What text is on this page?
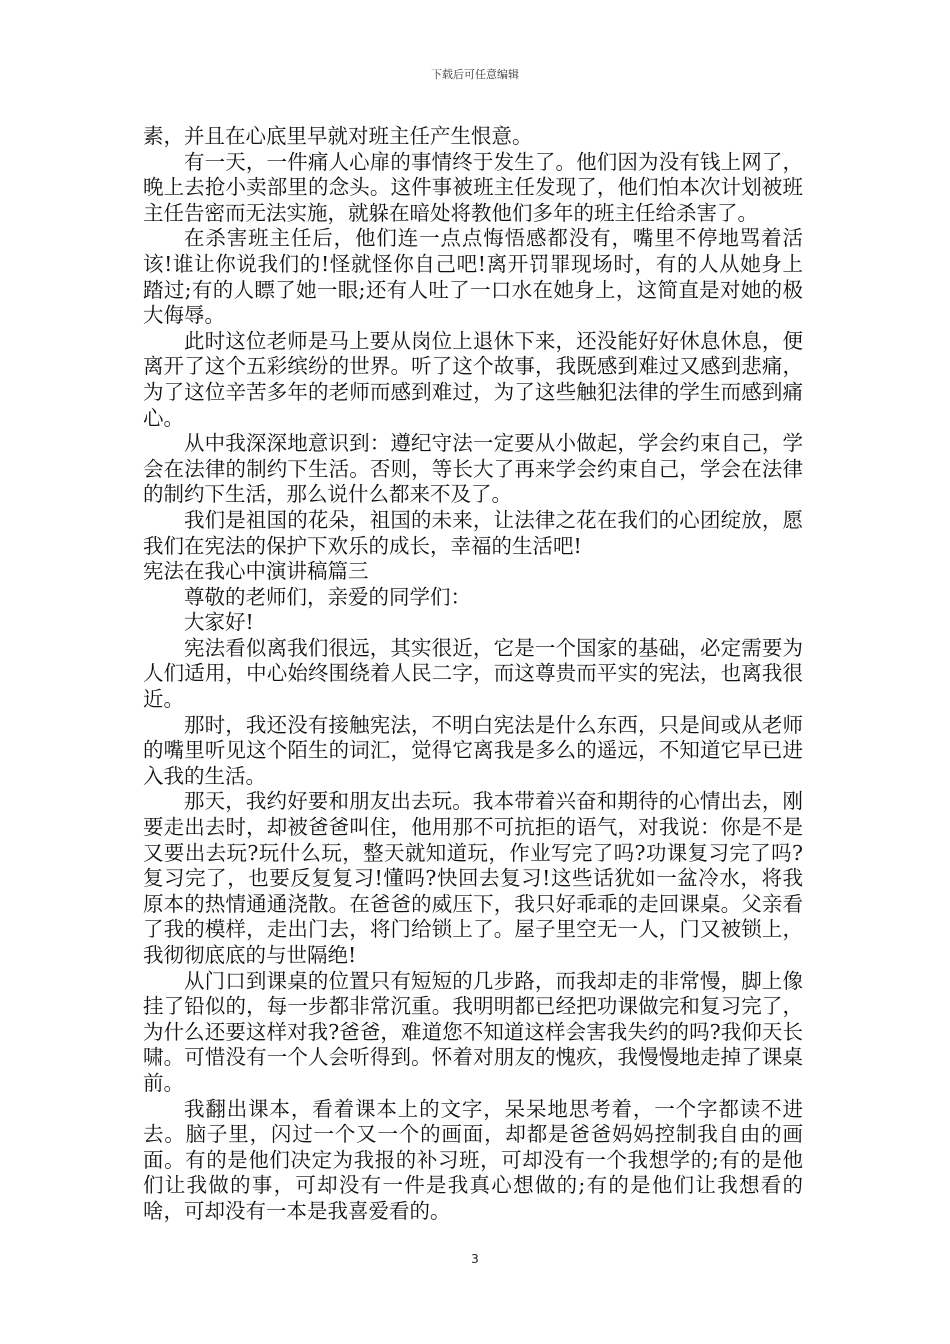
下载后可任意编辑

素，并且在心底里早就对班主任产生恨意。

有一天，一件痛人心扉的事情终于发生了。他们因为没有钱上网了，晚上去抢小卖部里的念头。这件事被班主任发现了，他们怕本次计划被班主任告密而无法实施，就躲在暗处将教他们多年的班主任给杀害了。

在杀害班主任后，他们连一点点悔悟感都没有，嘴里不停地骂着活该!谁让你说我们的!怪就怪你自己吧!离开罚罪现场时，有的人从她身上踏过;有的人瞟了她一眼;还有人吐了一口水在她身上，这简直是对她的极大侮辱。

此时这位老师是马上要从岗位上退休下来，还没能好好休息休息，便离开了这个五彩缤纷的世界。听了这个故事，我既感到难过又感到悲痛，为了这位辛苦多年的老师而感到难过，为了这些触犯法律的学生而感到痛心。

从中我深深地意识到：遵纪守法一定要从小做起，学会约束自己，学会在法律的制约下生活。否则，等长大了再来学会约束自己，学会在法律的制约下生活，那么说什么都来不及了。

我们是祖国的花朵，祖国的未来，让法律之花在我们的心团绽放，愿我们在宪法的保护下欢乐的成长，幸福的生活吧!

宪法在我心中演讲稿篇三

尊敬的老师们，亲爱的同学们：

大家好!

宪法看似离我们很远，其实很近，它是一个国家的基础，必定需要为人们适用，中心始终围绕着人民二字，而这尊贵而平实的宪法，也离我很近。

那时，我还没有接触宪法，不明白宪法是什么东西，只是间或从老师的嘴里听见这个陌生的词汇，觉得它离我是多么的遥远，不知道它早已进入我的生活。

那天，我约好要和朋友出去玩。我本带着兴奋和期待的心情出去，刚要走出去时，却被爸爸叫住，他用那不可抗拒的语气，对我说：你是不是又要出去玩?玩什么玩，整天就知道玩，作业写完了吗?功课复习完了吗?复习完了，也要反复复习!懂吗?快回去复习!这些话犹如一盆冷水，将我原本的热情通通浇散。在爸爸的威压下，我只好乖乖的走回课桌。父亲看了我的模样，走出门去，将门给锁上了。屋子里空无一人，门又被锁上，我彻彻底底的与世隔绝!

从门口到课桌的位置只有短短的几步路，而我却走的非常慢，脚上像挂了铅似的，每一步都非常沉重。我明明都已经把功课做完和复习完了，为什么还要这样对我?爸爸，难道您不知道这样会害我失约的吗?我仰天长啸。可惜没有一个人会听得到。怀着对朋友的愧疚，我慢慢地走掉了课桌前。

我翻出课本，看着课本上的文字，呆呆地思考着，一个字都读不进去。脑子里，闪过一个又一个的画面，却都是爸爸妈妈控制我自由的画面。有的是他们决定为我报的补习班，可却没有一个我想学的;有的是他们让我做的事，可却没有一件是我真心想做的;有的是他们让我想看的啥，可却没有一本是我喜爱看的。

3
